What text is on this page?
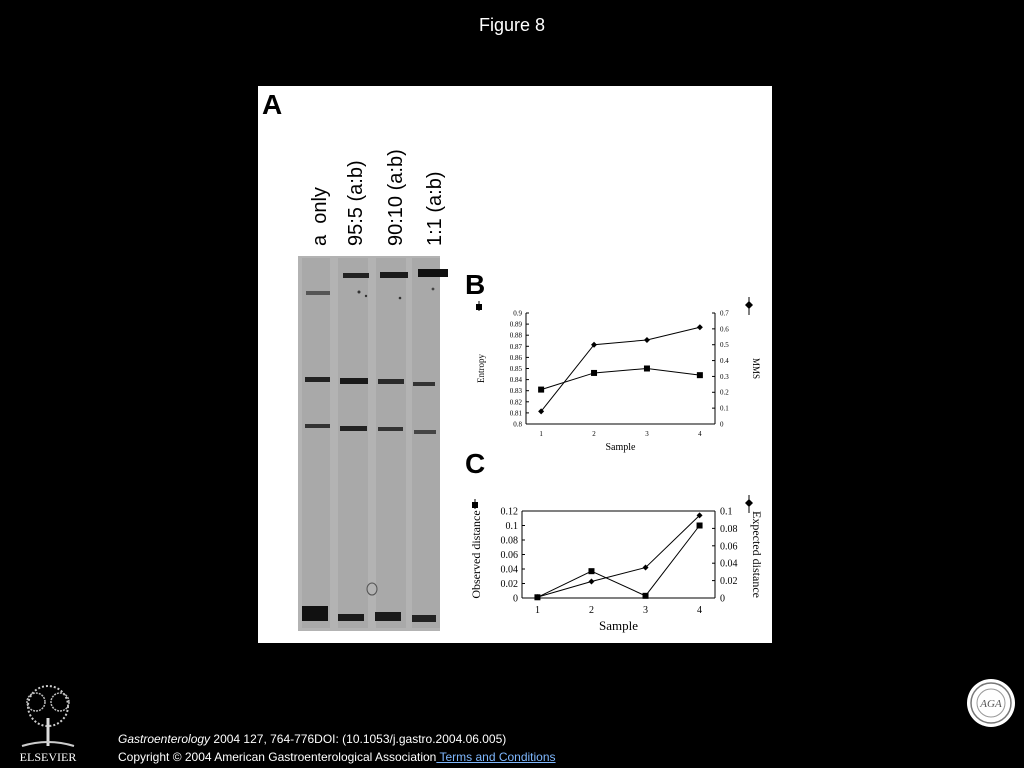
Figure 8
A
a  only 95:5 (a:b) 90:10 (a:b) 1:1 (a:b)
B
0.8
0.81
0.82
0.83
0.84
0.85
0.86
0.87
0.88
0.89
0.9
0
0.1
0.2
0.3
0.4
0.5
0.6
0.7
1	2	3	4
Sample
Entropy	MMS
C
0
0.02
0.04
0.06
0.08
0.1
0.12
0
0.02
0.04
0.06
0.08
0.1
1	2	3	4
Sample
Observed distance	Expected distance
ELSEVIER
Gastroenterology 2004 127, 764-776DOI: (10.1053/j.gastro.2004.06.005)
Copyright © 2004 American Gastroenterological Association Terms and Conditions
AGA
